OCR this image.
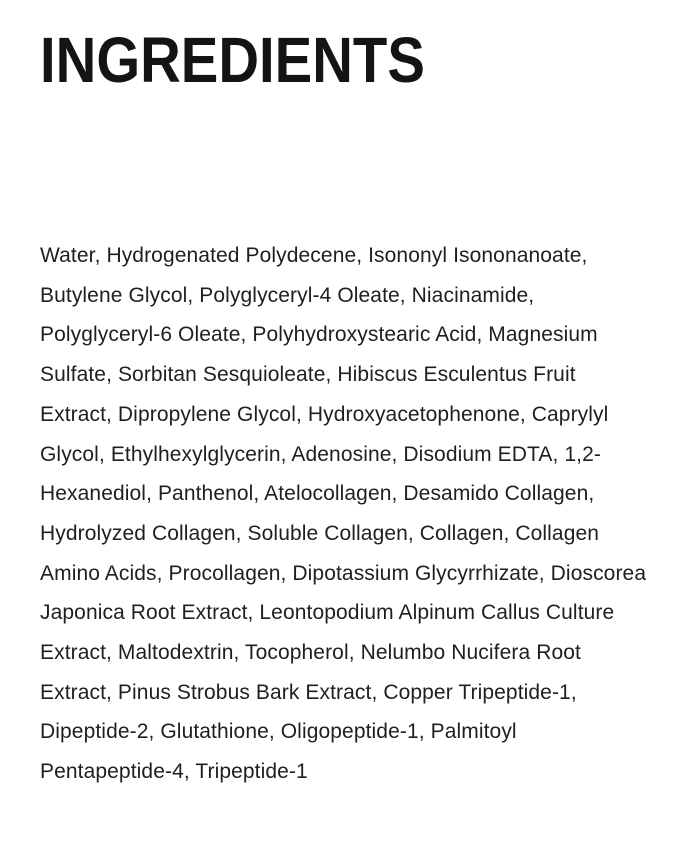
INGREDIENTS
Water, Hydrogenated Polydecene, Isononyl Isononanoate,
Butylene Glycol, Polyglyceryl-4 Oleate, Niacinamide,
Polyglyceryl-6 Oleate, Polyhydroxystearic Acid, Magnesium
Sulfate, Sorbitan Sesquioleate, Hibiscus Esculentus Fruit
Extract, Dipropylene Glycol, Hydroxyacetophenone, Caprylyl
Glycol, Ethylhexylglycerin, Adenosine, Disodium EDTA, 1,2-
Hexanediol, Panthenol, Atelocollagen, Desamido Collagen,
Hydrolyzed Collagen, Soluble Collagen, Collagen, Collagen
Amino Acids, Procollagen, Dipotassium Glycyrrhizate, Dioscorea
Japonica Root Extract, Leontopodium Alpinum Callus Culture
Extract, Maltodextrin, Tocopherol, Nelumbo Nucifera Root
Extract, Pinus Strobus Bark Extract, Copper Tripeptide-1,
Dipeptide-2, Glutathione, Oligopeptide-1, Palmitoyl
Pentapeptide-4, Tripeptide-1
